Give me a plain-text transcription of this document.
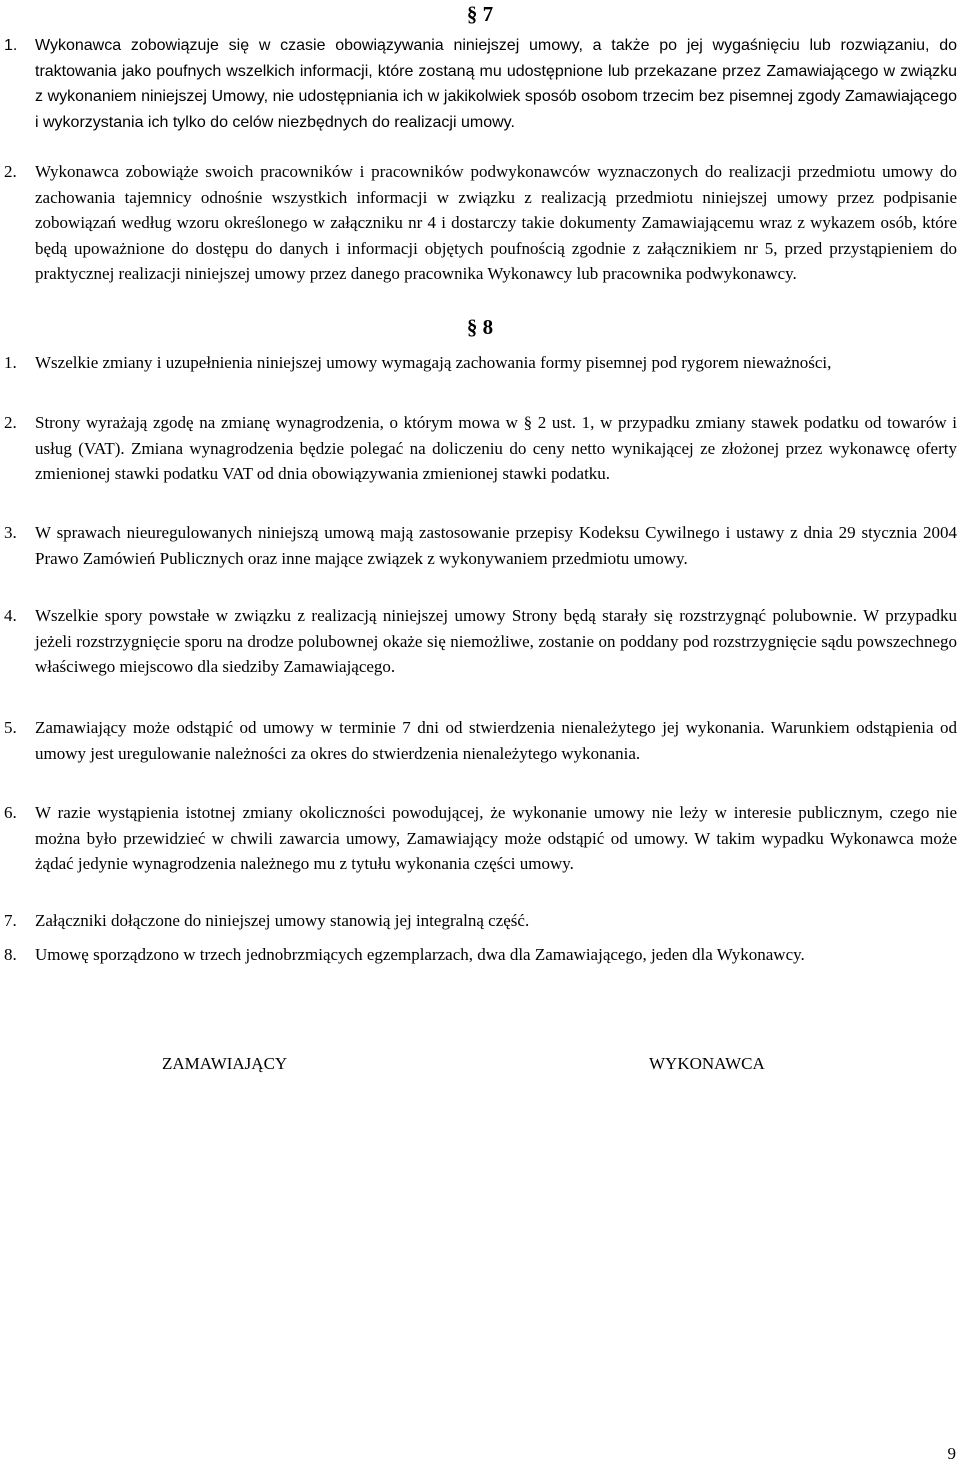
§ 7
1. Wykonawca zobowiązuje się w czasie obowiązywania niniejszej umowy, a także po jej wygaśnięciu lub rozwiązaniu, do traktowania jako poufnych wszelkich informacji, które zostaną mu udostępnione lub przekazane przez Zamawiającego w związku z wykonaniem niniejszej Umowy, nie udostępniania ich w jakikolwiek sposób osobom trzecim bez pisemnej zgody Zamawiającego i wykorzystania ich tylko do celów niezbędnych do realizacji umowy.
2. Wykonawca zobowiąże swoich pracowników i pracowników podwykonawców wyznaczonych do realizacji przedmiotu umowy do zachowania tajemnicy odnośnie wszystkich informacji w związku z realizacją przedmiotu niniejszej umowy przez podpisanie zobowiązań według wzoru określonego w załączniku nr 4 i dostarczy takie dokumenty Zamawiającemu wraz z wykazem osób, które będą upoważnione do dostępu do danych i informacji objętych poufnością zgodnie z załącznikiem nr 5, przed przystąpieniem do praktycznej realizacji niniejszej umowy przez danego pracownika Wykonawcy lub pracownika podwykonawcy.
§ 8
1. Wszelkie zmiany i uzupełnienia niniejszej umowy wymagają zachowania formy pisemnej pod rygorem nieważności,
2. Strony wyrażają zgodę na zmianę wynagrodzenia, o którym mowa w § 2 ust. 1, w przypadku zmiany stawek podatku od towarów i usług (VAT). Zmiana wynagrodzenia będzie polegać na doliczeniu do ceny netto wynikającej ze złożonej przez wykonawcę oferty zmienionej stawki podatku VAT od dnia obowiązywania zmienionej stawki podatku.
3. W sprawach nieuregulowanych niniejszą umową mają zastosowanie przepisy Kodeksu Cywilnego i ustawy z dnia 29 stycznia 2004 Prawo Zamówień Publicznych oraz inne mające związek z wykonywaniem przedmiotu umowy.
4. Wszelkie spory powstałe w związku z realizacją niniejszej umowy Strony będą starały się rozstrzygnąć polubownie. W przypadku jeżeli rozstrzygnięcie sporu na drodze polubownej okaże się niemożliwe, zostanie on poddany pod rozstrzygnięcie sądu powszechnego właściwego miejscowo dla siedziby Zamawiającego.
5. Zamawiający może odstąpić od umowy w terminie 7 dni od stwierdzenia nienależytego jej wykonania. Warunkiem odstąpienia od umowy jest uregulowanie należności za okres do stwierdzenia nienależytego wykonania.
6. W razie wystąpienia istotnej zmiany okoliczności powodującej, że wykonanie umowy nie leży w interesie publicznym, czego nie można było przewidzieć w chwili zawarcia umowy, Zamawiający może odstąpić od umowy. W takim wypadku Wykonawca może żądać jedynie wynagrodzenia należnego mu z tytułu wykonania części umowy.
7. Załączniki dołączone do niniejszej umowy stanowią jej integralną część.
8. Umowę sporządzono w trzech jednobrzmiących egzemplarzach, dwa dla Zamawiającego, jeden dla Wykonawcy.
ZAMAWIAJĄCY	WYKONAWCA
9
